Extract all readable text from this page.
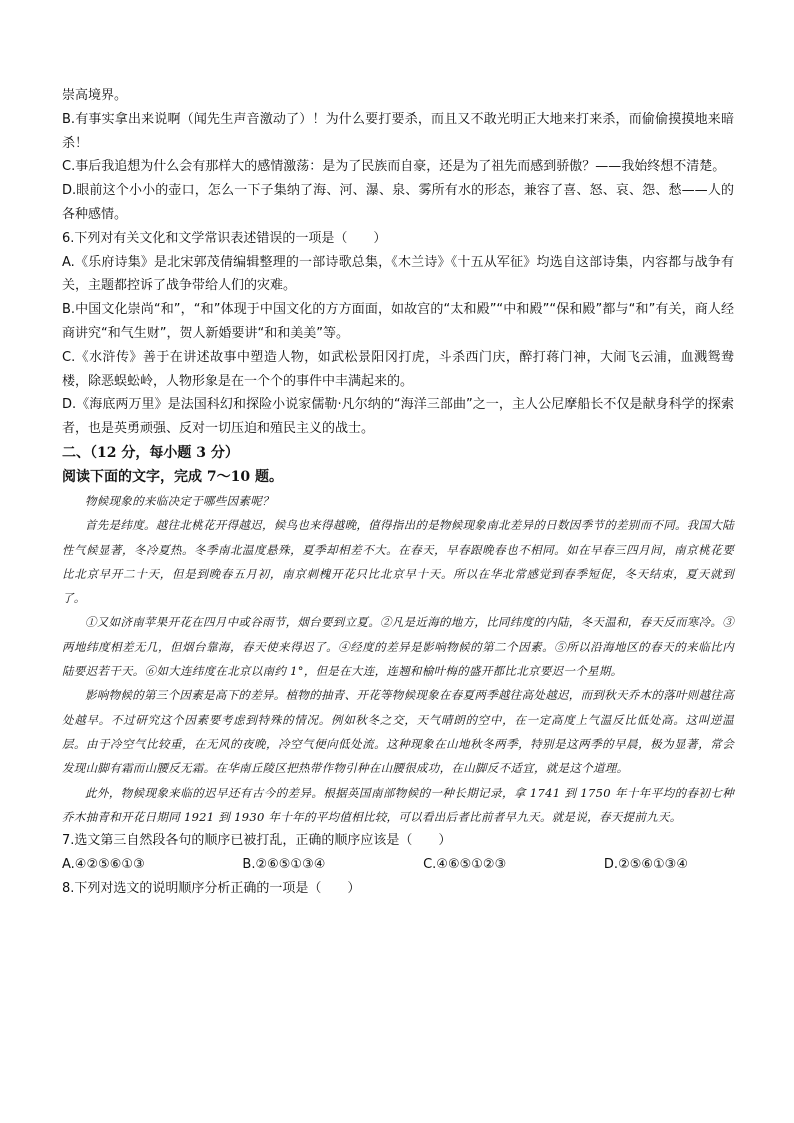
崇高境界。

B.有事实拿出来说啊（闻先生声音激动了）！为什么要打要杀，而且又不敢光明正大地来打来杀，而偷偷摸摸地来暗杀！

C.事后我追想为什么会有那样大的感情激荡：是为了民族而自豪，还是为了祖先而感到骄傲？——我始终想不清楚。

D.眼前这个小小的壶口，怎么一下子集纳了海、河、瀑、泉、雾所有水的形态，兼容了喜、怒、哀、怨、愁——人的各种感情。

6.下列对有关文化和文学常识表述错误的一项是（　　）

A.《乐府诗集》是北宋郭茂倩编辑整理的一部诗歌总集，《木兰诗》《十五从军征》均选自这部诗集，内容都与战争有关，主题都控诉了战争带给人们的灾难。

B.中国文化崇尚“和”，“和”体现于中国文化的方方面面，如故宫的“太和殿”“中和殿”“保和殿”都与“和”有关，商人经商讲究“和气生财”，贺人新婚要讲“和和美美”等。

C.《水浒传》善于在讲述故事中塑造人物，如武松景阳冈打虎，斗杀西门庆，醉打蒋门神，大闹飞云浦，血溅鸳鸯楼，除恶蜈蚣岭，人物形象是在一个个的事件中丰满起来的。

D.《海底两万里》是法国科幻和探险小说家儒勒·凡尔纳的“海洋三部曲”之一，主人公尼摩船长不仅是献身科学的探索者，也是英勇顽强、反对一切压迫和殖民主义的战士。

二、（12 分，每小题 3 分）

阅读下面的文字，完成 7～10 题。

物候现象的来临决定于哪些因素呢？

首先是纬度。越往北桃花开得越迟，候鸟也来得越晚，值得指出的是物候现象南北差异的日数因季节的差别而不同。我国大陆性气候显著，冬冷夏热。冬季南北温度悬殊，夏季却相差不大。在春天，早春跟晚春也不相同。如在早春三四月间，南京桃花要比北京早开二十天，但是到晚春五月初，南京刺槐开花只比北京早十天。所以在华北常感觉到春季短促，冬天结束，夏天就到了。

①又如济南苹果开花在四月中或谷雨节，烟台要到立夏。②凡是近海的地方，比同纬度的内陆，冬天温和，春天反而寒冷。③两地纬度相差无几，但烟台靠海，春天使来得迟了。④经度的差异是影响物候的第二个因素。⑤所以沿海地区的春天的来临比内陆要迟若干天。⑥如大连纬度在北京以南约 1°，但是在大连，连翘和榆叶梅的盛开都比北京要迟一个星期。

影响物候的第三个因素是高下的差异。植物的抽青、开花等物候现象在春夏两季越往高处越迟，而到秋天乔木的落叶则越往高处越早。不过研究这个因素要考虑到特殊的情况。例如秋冬之交，天气晴朗的空中，在一定高度上气温反比低处高。这叫逆温层。由于冷空气比较重，在无风的夜晚，冷空气便向低处流。这种现象在山地秋冬两季，特别是这两季的早晨，极为显著，常会发现山脚有霜而山腰反无霜。在华南丘陵区把热带作物引种在山腰很成功，在山脚反不适宜，就是这个道理。

此外，物候现象来临的迟早还有古今的差异。根据英国南部物候的一种长期记录，拿 1741 到 1750 年十年平均的春初七种乔木抽青和开花日期同 1921 到 1930 年十年的平均值相比较，可以看出后者比前者早九天。就是说，春天提前九天。

7.选文第三自然段各句的顺序已被打乱，正确的顺序应该是（　　）

A.④②⑤⑥①③	B.②⑥⑤①③④	C.④⑥⑤①②③	D.②⑤⑥①③④

8.下列对选文的说明顺序分析正确的一项是（　　）
